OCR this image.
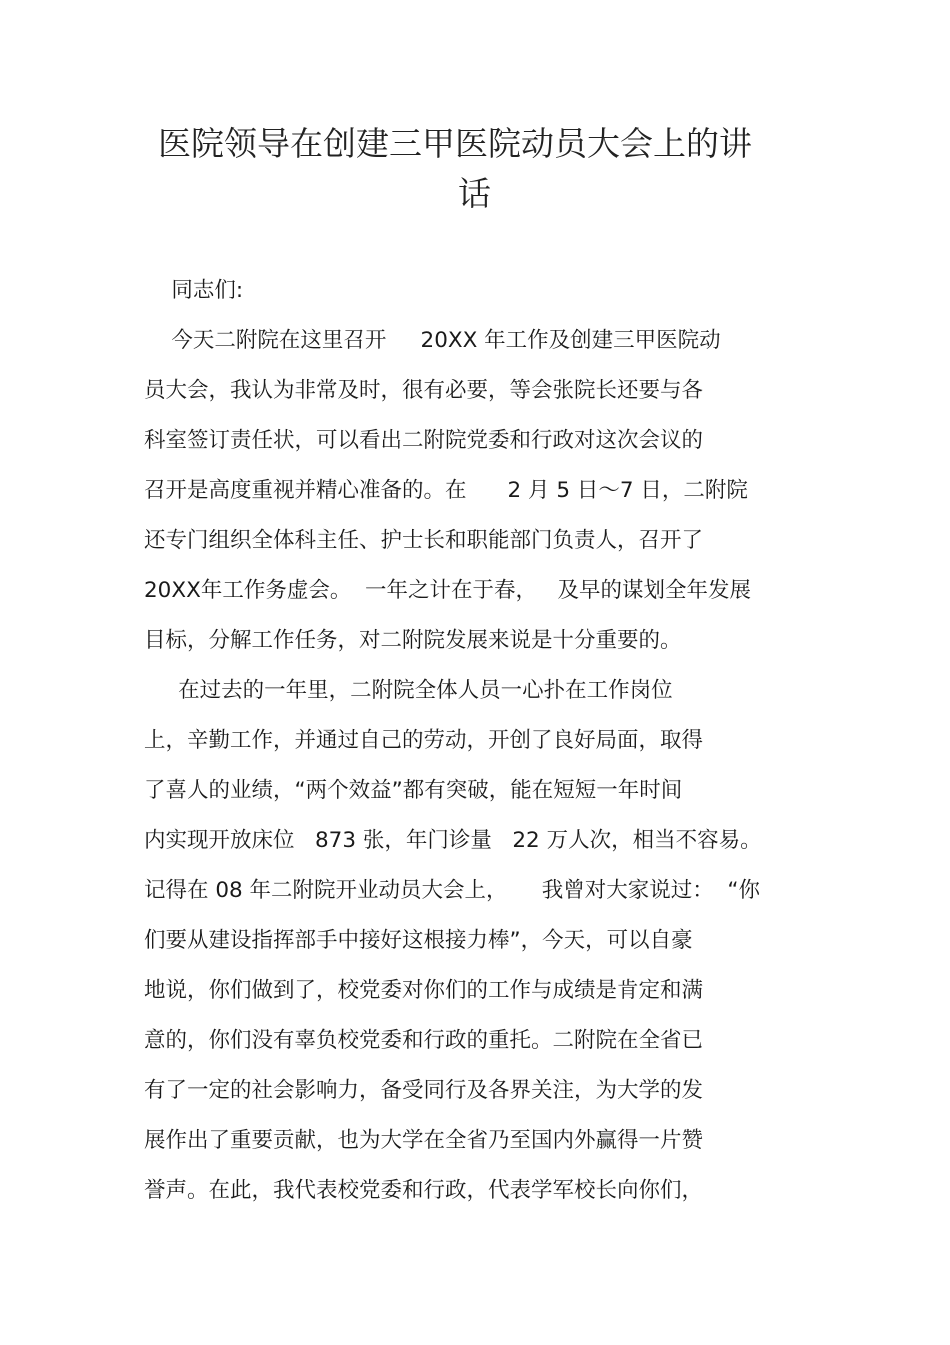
医院领导在创建三甲医院动员大会上的讲
话
同志们:
今天二附院在这里召开     20XX 年工作及创建三甲医院动
员大会，我认为非常及时，很有必要，等会张院长还要与各
科室签订责任状，可以看出二附院党委和行政对这次会议的
召开是高度重视并精心准备的。在      2 月 5 日～7 日，二附院
还专门组织全体科主任、护士长和职能部门负责人，召开了
20XX年工作务虚会。  一年之计在于春，   及早的谋划全年发展
目标，分解工作任务，对二附院发展来说是十分重要的。
在过去的一年里，二附院全体人员一心扑在工作岗位
上，辛勤工作，并通过自己的劳动，开创了良好局面，取得
了喜人的业绩，“两个效益”都有突破，能在短短一年时间
内实现开放床位   873 张，年门诊量   22 万人次，相当不容易。
记得在 08 年二附院开业动员大会上，     我曾对大家说过：  “你
们要从建设指挥部手中接好这根接力棒”，今天，可以自豪
地说，你们做到了，校党委对你们的工作与成绩是肯定和满
意的，你们没有辜负校党委和行政的重托。二附院在全省已
有了一定的社会影响力，备受同行及各界关注，为大学的发
展作出了重要贡献，也为大学在全省乃至国内外赢得一片赞
誉声。在此，我代表校党委和行政，代表学军校长向你们，
